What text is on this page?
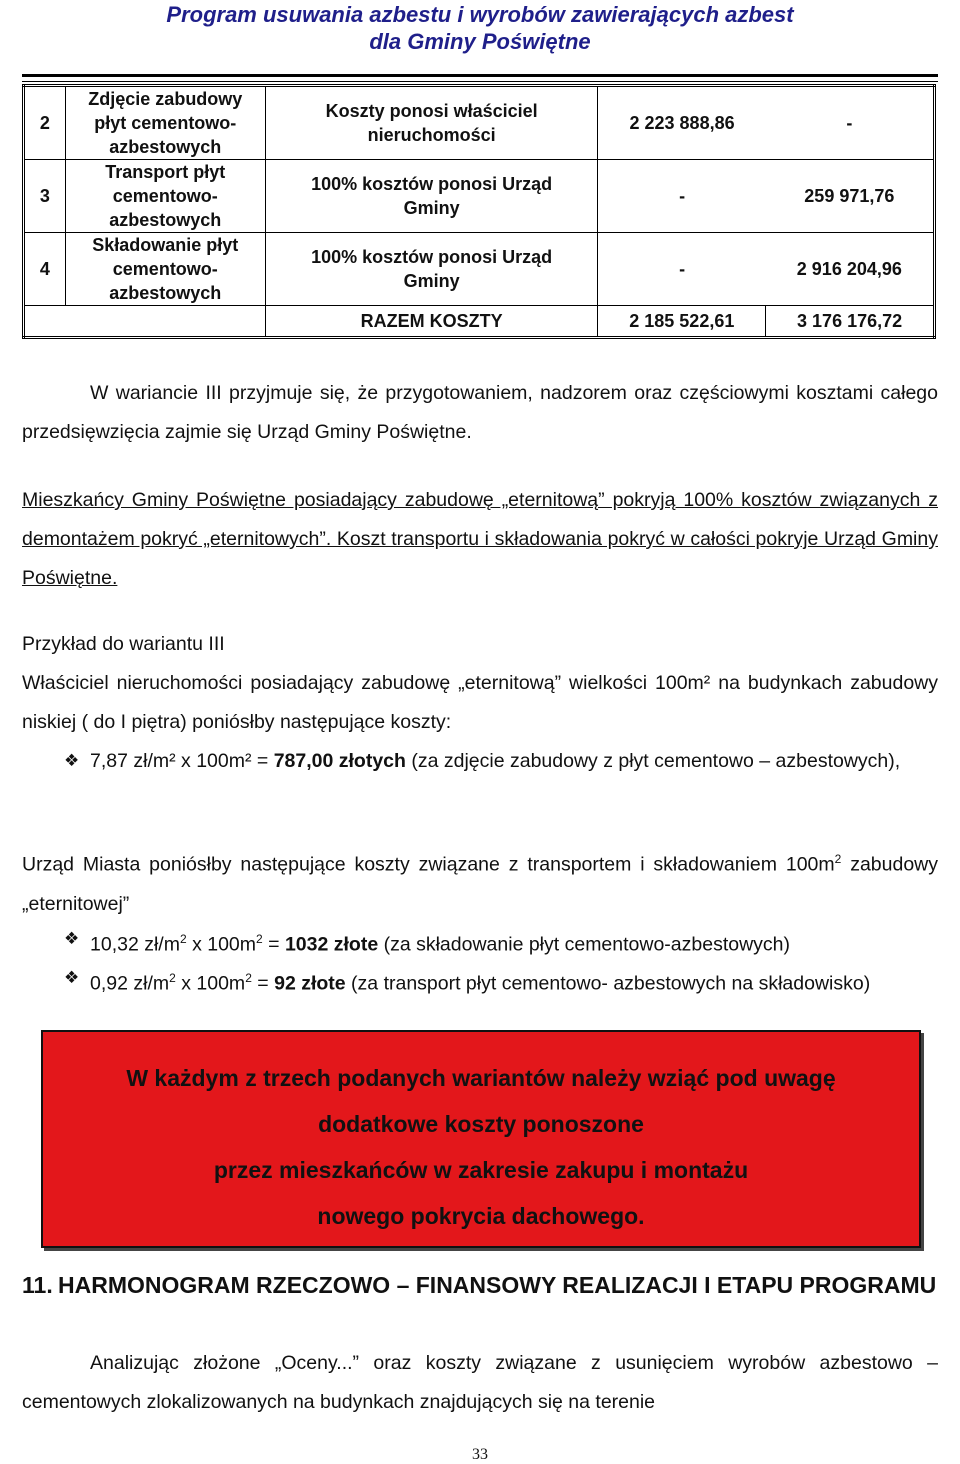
Program usuwania azbestu i wyrobów zawierających azbest
dla Gminy Poświętne
2	Zdjęcie zabudowy
płyt cementowo-
azbestowych	Koszty ponosi właściciel
nieruchomości	2 223 888,86	-
3	Transport płyt
cementowo-
azbestowych	100% kosztów ponosi Urząd
Gminy	-	259 971,76
4	Składowanie płyt
cementowo-
azbestowych	100% kosztów ponosi Urząd
Gminy	-	2 916 204,96
		RAZEM KOSZTY	2 185 522,61	3 176 176,72
W wariancie III przyjmuje się, że przygotowaniem, nadzorem oraz częściowymi kosztami całego przedsięwzięcia zajmie się Urząd Gminy Poświętne.
Mieszkańcy Gminy Poświętne posiadający zabudowę „eternitową” pokryją 100% kosztów związanych z demontażem pokryć „eternitowych”. Koszt transportu i składowania pokryć w całości pokryje Urząd Gminy Poświętne.
Przykład do wariantu III
Właściciel nieruchomości posiadający zabudowę „eternitową” wielkości 100m² na budynkach zabudowy niskiej ( do I piętra) poniósłby następujące koszty:
❖ 7,87 zł/m² x 100m² = 787,00 złotych (za zdjęcie zabudowy z płyt cementowo – azbestowych),
Urząd Miasta poniósłby następujące koszty związane z transportem i składowaniem $100m^2$ zabudowy „eternitowej”
❖ 10,32 $zł/m^2$ x $100m^2 = 1032$ złote (za składowanie płyt cementowo-azbestowych)
❖ 0,92 $zł/m^2$ x $100m^2 = 92$ złote (za transport płyt cementowo- azbestowych na składowisko)
W każdym z trzech podanych wariantów należy wziąć pod uwagę
dodatkowe koszty ponoszone
przez mieszkańców w zakresie zakupu i montażu
nowego pokrycia dachowego.
11. HARMONOGRAM RZECZOWO – FINANSOWY REALIZACJI I ETAPU PROGRAMU
Analizując złożone „Oceny...” oraz koszty związane z usunięciem wyrobów azbestowo – cementowych zlokalizowanych na budynkach znajdujących się na terenie
33
